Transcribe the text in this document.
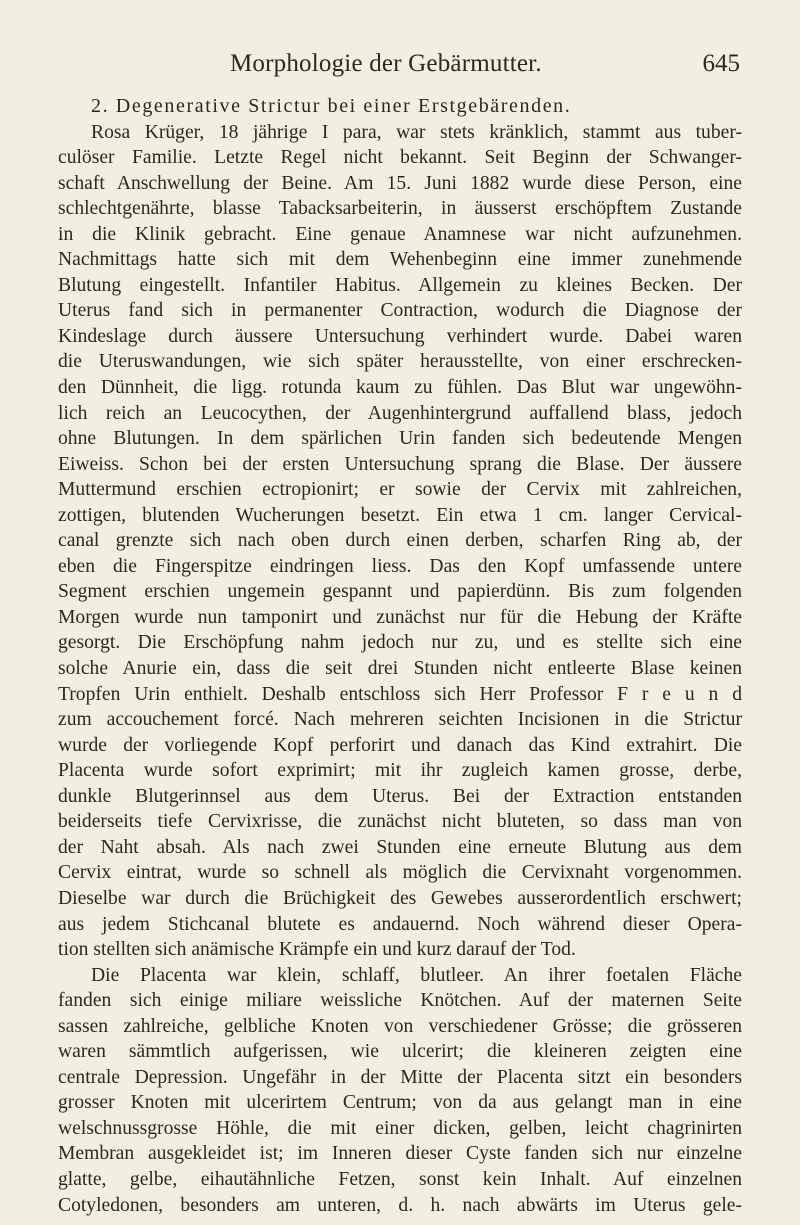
Morphologie der Gebärmutter.	645
2. Degenerative Strictur bei einer Erstgebärenden.
Rosa Krüger, 18 jährige I para, war stets kränklich, stammt aus tuber-
culöser Familie. Letzte Regel nicht bekannt. Seit Beginn der Schwanger-
schaft Anschwellung der Beine. Am 15. Juni 1882 wurde diese Person, eine
schlechtgenährte, blasse Tabacksarbeiterin, in äusserst erschöpftem Zustande
in die Klinik gebracht. Eine genaue Anamnese war nicht aufzunehmen.
Nachmittags hatte sich mit dem Wehenbeginn eine immer zunehmende
Blutung eingestellt. Infantiler Habitus. Allgemein zu kleines Becken. Der
Uterus fand sich in permanenter Contraction, wodurch die Diagnose der
Kindeslage durch äussere Untersuchung verhindert wurde. Dabei waren
die Uteruswandungen, wie sich später herausstellte, von einer erschrecken-
den Dünnheit, die ligg. rotunda kaum zu fühlen. Das Blut war ungewöhn-
lich reich an Leucocythen, der Augenhintergrund auffallend blass, jedoch
ohne Blutungen. In dem spärlichen Urin fanden sich bedeutende Mengen
Eiweiss. Schon bei der ersten Untersuchung sprang die Blase. Der äussere
Muttermund erschien ectropionirt; er sowie der Cervix mit zahlreichen,
zottigen, blutenden Wucherungen besetzt. Ein etwa 1 cm. langer Cervical-
canal grenzte sich nach oben durch einen derben, scharfen Ring ab, der
eben die Fingerspitze eindringen liess. Das den Kopf umfassende untere
Segment erschien ungemein gespannt und papierdünn. Bis zum folgenden
Morgen wurde nun tamponirt und zunächst nur für die Hebung der Kräfte
gesorgt. Die Erschöpfung nahm jedoch nur zu, und es stellte sich eine
solche Anurie ein, dass die seit drei Stunden nicht entleerte Blase keinen
Tropfen Urin enthielt. Deshalb entschloss sich Herr Professor F r e u n d
zum accouchement forcé. Nach mehreren seichten Incisionen in die Strictur
wurde der vorliegende Kopf perforirt und danach das Kind extrahirt. Die
Placenta wurde sofort exprimirt; mit ihr zugleich kamen grosse, derbe,
dunkle Blutgerinnsel aus dem Uterus. Bei der Extraction entstanden
beiderseits tiefe Cervixrisse, die zunächst nicht bluteten, so dass man von
der Naht absah. Als nach zwei Stunden eine erneute Blutung aus dem
Cervix eintrat, wurde so schnell als möglich die Cervixnaht vorgenommen.
Dieselbe war durch die Brüchigkeit des Gewebes ausserordentlich erschwert;
aus jedem Stichcanal blutete es andauernd. Noch während dieser Opera-
tion stellten sich anämische Krämpfe ein und kurz darauf der Tod.
Die Placenta war klein, schlaff, blutleer. An ihrer foetalen Fläche
fanden sich einige miliare weissliche Knötchen. Auf der maternen Seite
sassen zahlreiche, gelbliche Knoten von verschiedener Grösse; die grösseren
waren sämmtlich aufgerissen, wie ulcerirt; die kleineren zeigten eine
centrale Depression. Ungefähr in der Mitte der Placenta sitzt ein besonders
grosser Knoten mit ulcerirtem Centrum; von da aus gelangt man in eine
welschnussgrosse Höhle, die mit einer dicken, gelben, leicht chagrinirten
Membran ausgekleidet ist; im Inneren dieser Cyste fanden sich nur einzelne
glatte, gelbe, eihautähnliche Fetzen, sonst kein Inhalt. Auf einzelnen
Cotyledonen, besonders am unteren, d. h. nach abwärts im Uterus gele-
